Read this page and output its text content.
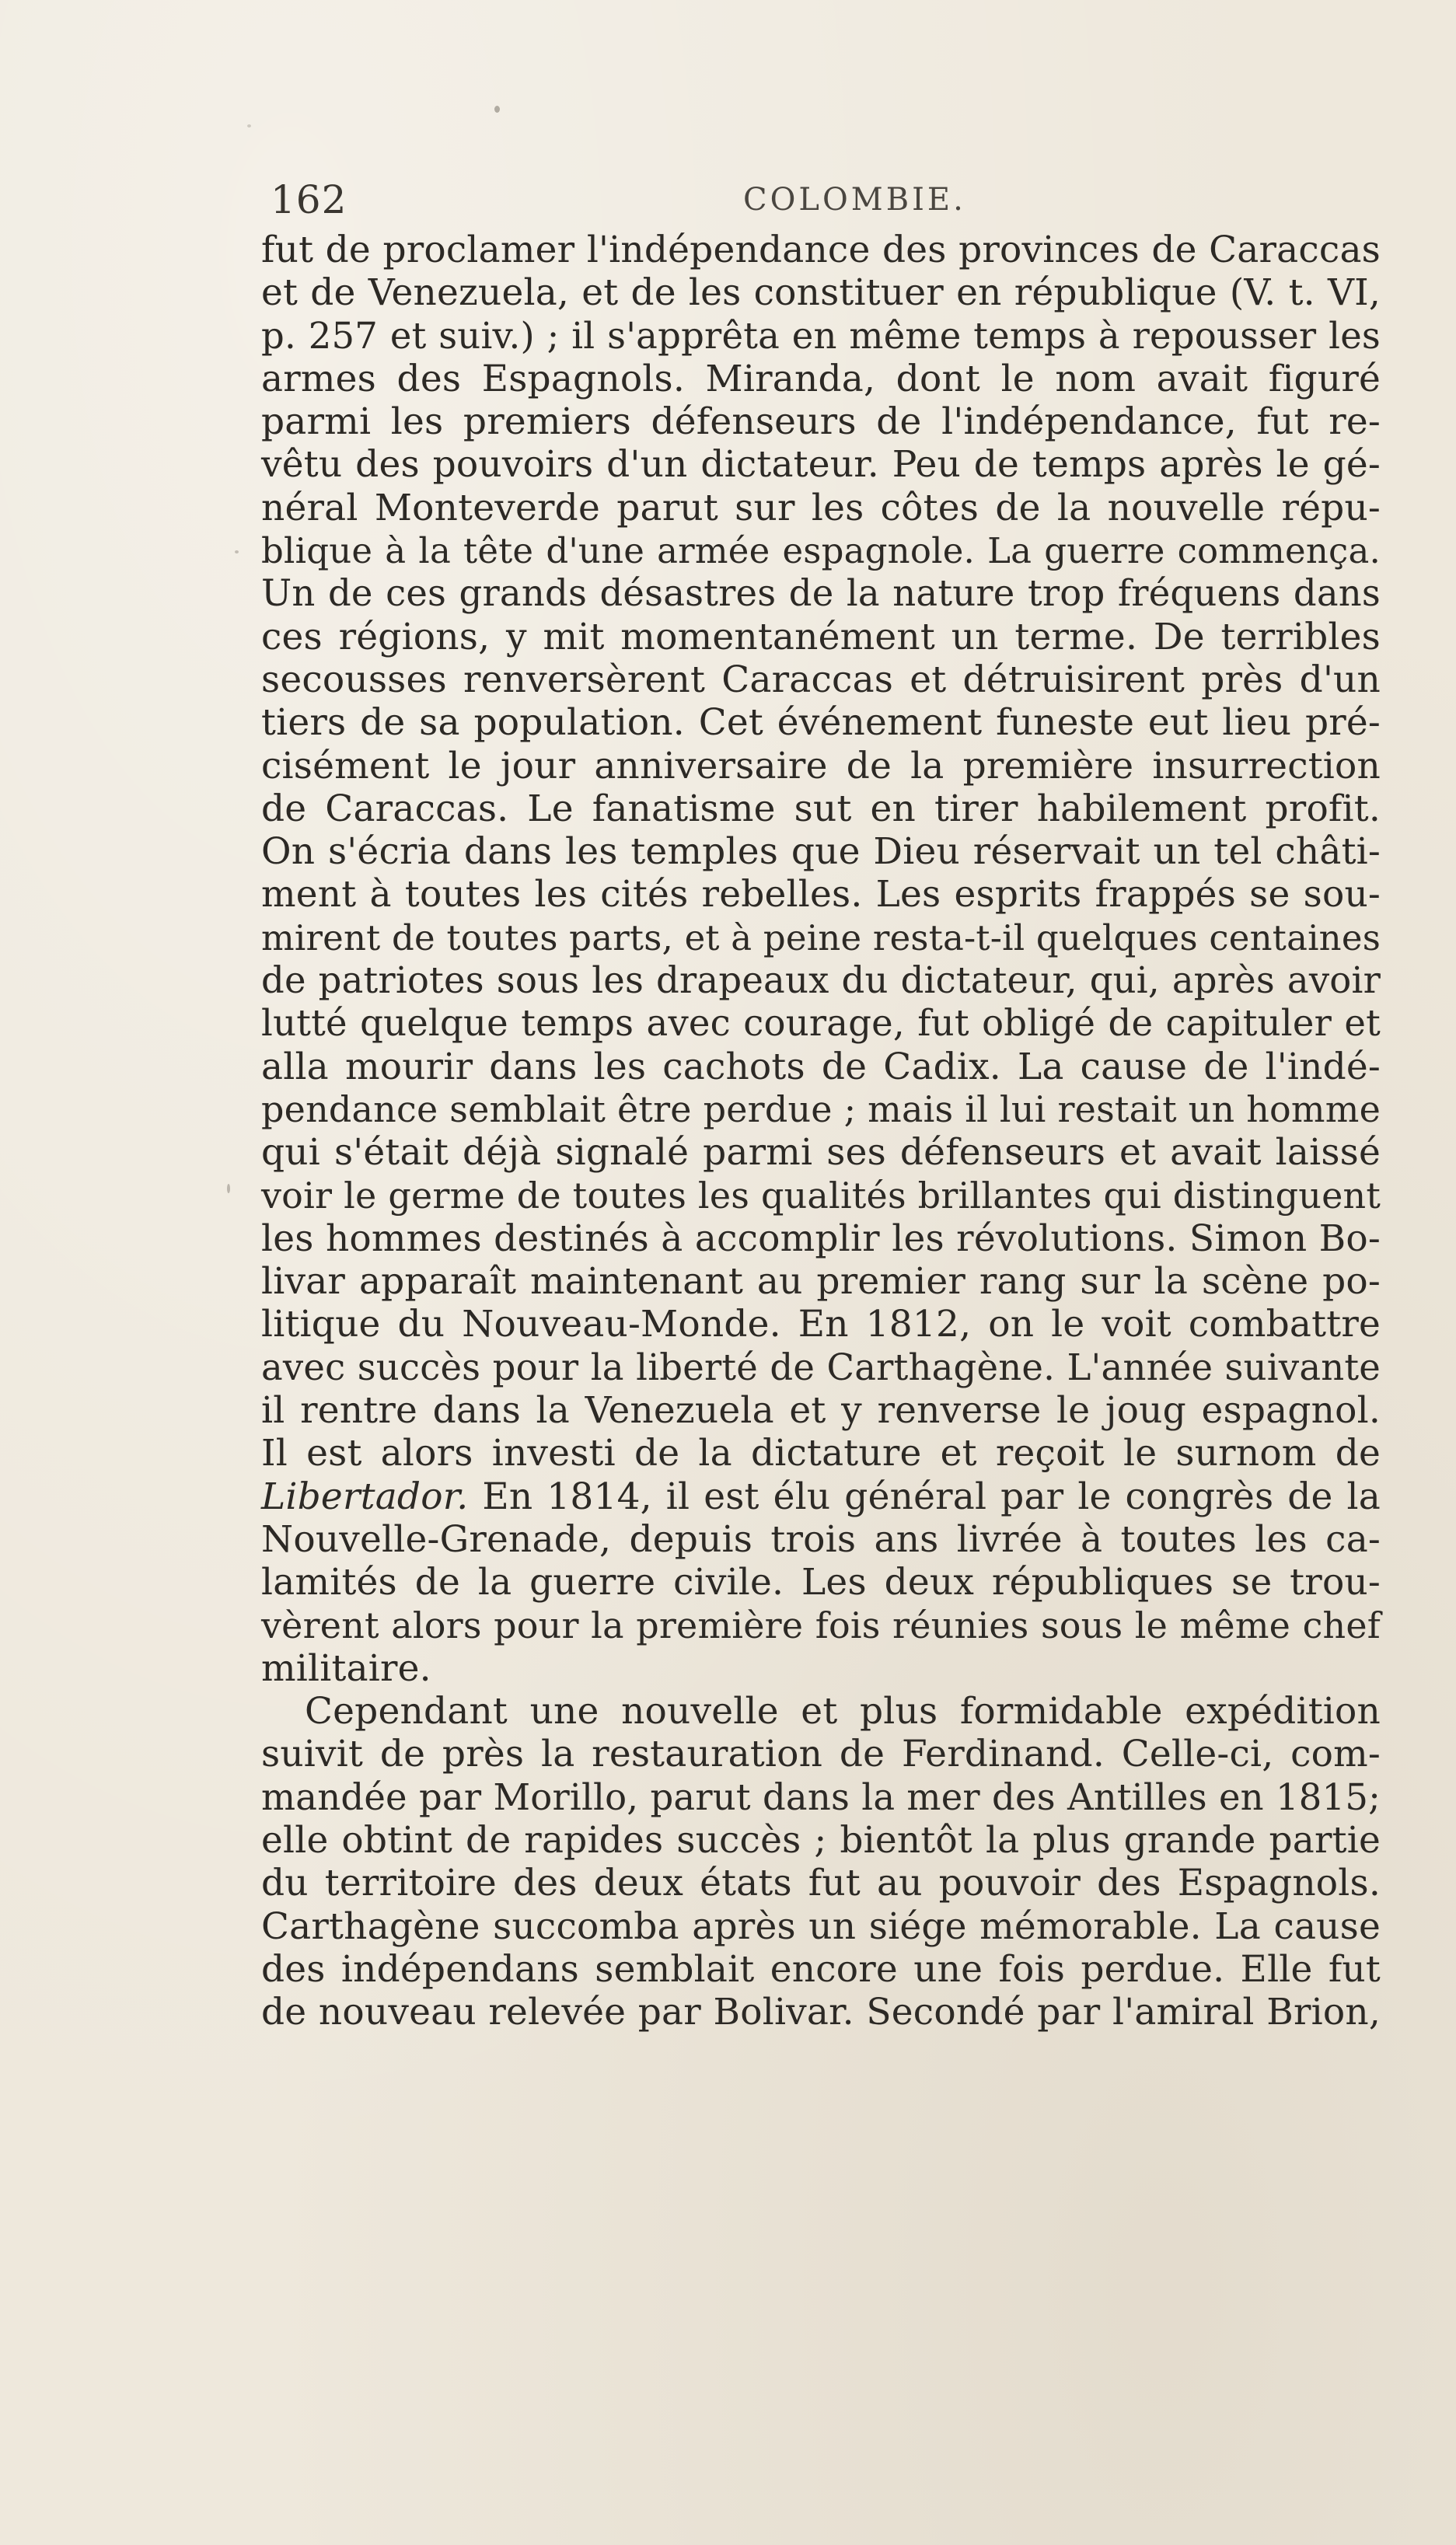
162	COLOMBIE.
fut de proclamer l'indépendance des provinces de Caraccas
et de Venezuela, et de les constituer en république (V. t. VI,
p. 257 et suiv.) ; il s'apprêta en même temps à repousser les
armes des Espagnols. Miranda, dont le nom avait figuré
parmi les premiers défenseurs de l'indépendance, fut re-
vêtu des pouvoirs d'un dictateur. Peu de temps après le gé-
néral Monteverde parut sur les côtes de la nouvelle répu-
blique à la tête d'une armée espagnole. La guerre commença.
Un de ces grands désastres de la nature trop fréquens dans
ces régions, y mit momentanément un terme. De terribles
secousses renversèrent Caraccas et détruisirent près d'un
tiers de sa population. Cet événement funeste eut lieu pré-
cisément le jour anniversaire de la première insurrection
de Caraccas. Le fanatisme sut en tirer habilement profit.
On s'écria dans les temples que Dieu réservait un tel châti-
ment à toutes les cités rebelles. Les esprits frappés se sou-
mirent de toutes parts, et à peine resta-t-il quelques centaines
de patriotes sous les drapeaux du dictateur, qui, après avoir
lutté quelque temps avec courage, fut obligé de capituler et
alla mourir dans les cachots de Cadix. La cause de l'indé-
pendance semblait être perdue ; mais il lui restait un homme
qui s'était déjà signalé parmi ses défenseurs et avait laissé
voir le germe de toutes les qualités brillantes qui distinguent
les hommes destinés à accomplir les révolutions. Simon Bo-
livar apparaît maintenant au premier rang sur la scène po-
litique du Nouveau-Monde. En 1812, on le voit combattre
avec succès pour la liberté de Carthagène. L'année suivante
il rentre dans la Venezuela et y renverse le joug espagnol.
Il est alors investi de la dictature et reçoit le surnom de
Libertador. En 1814, il est élu général par le congrès de la
Nouvelle-Grenade, depuis trois ans livrée à toutes les ca-
lamités de la guerre civile. Les deux républiques se trou-
vèrent alors pour la première fois réunies sous le même chef
militaire.
Cependant une nouvelle et plus formidable expédition
suivit de près la restauration de Ferdinand. Celle-ci, com-
mandée par Morillo, parut dans la mer des Antilles en 1815;
elle obtint de rapides succès ; bientôt la plus grande partie
du territoire des deux états fut au pouvoir des Espagnols.
Carthagène succomba après un siége mémorable. La cause
des indépendans semblait encore une fois perdue. Elle fut
de nouveau relevée par Bolivar. Secondé par l'amiral Brion,
